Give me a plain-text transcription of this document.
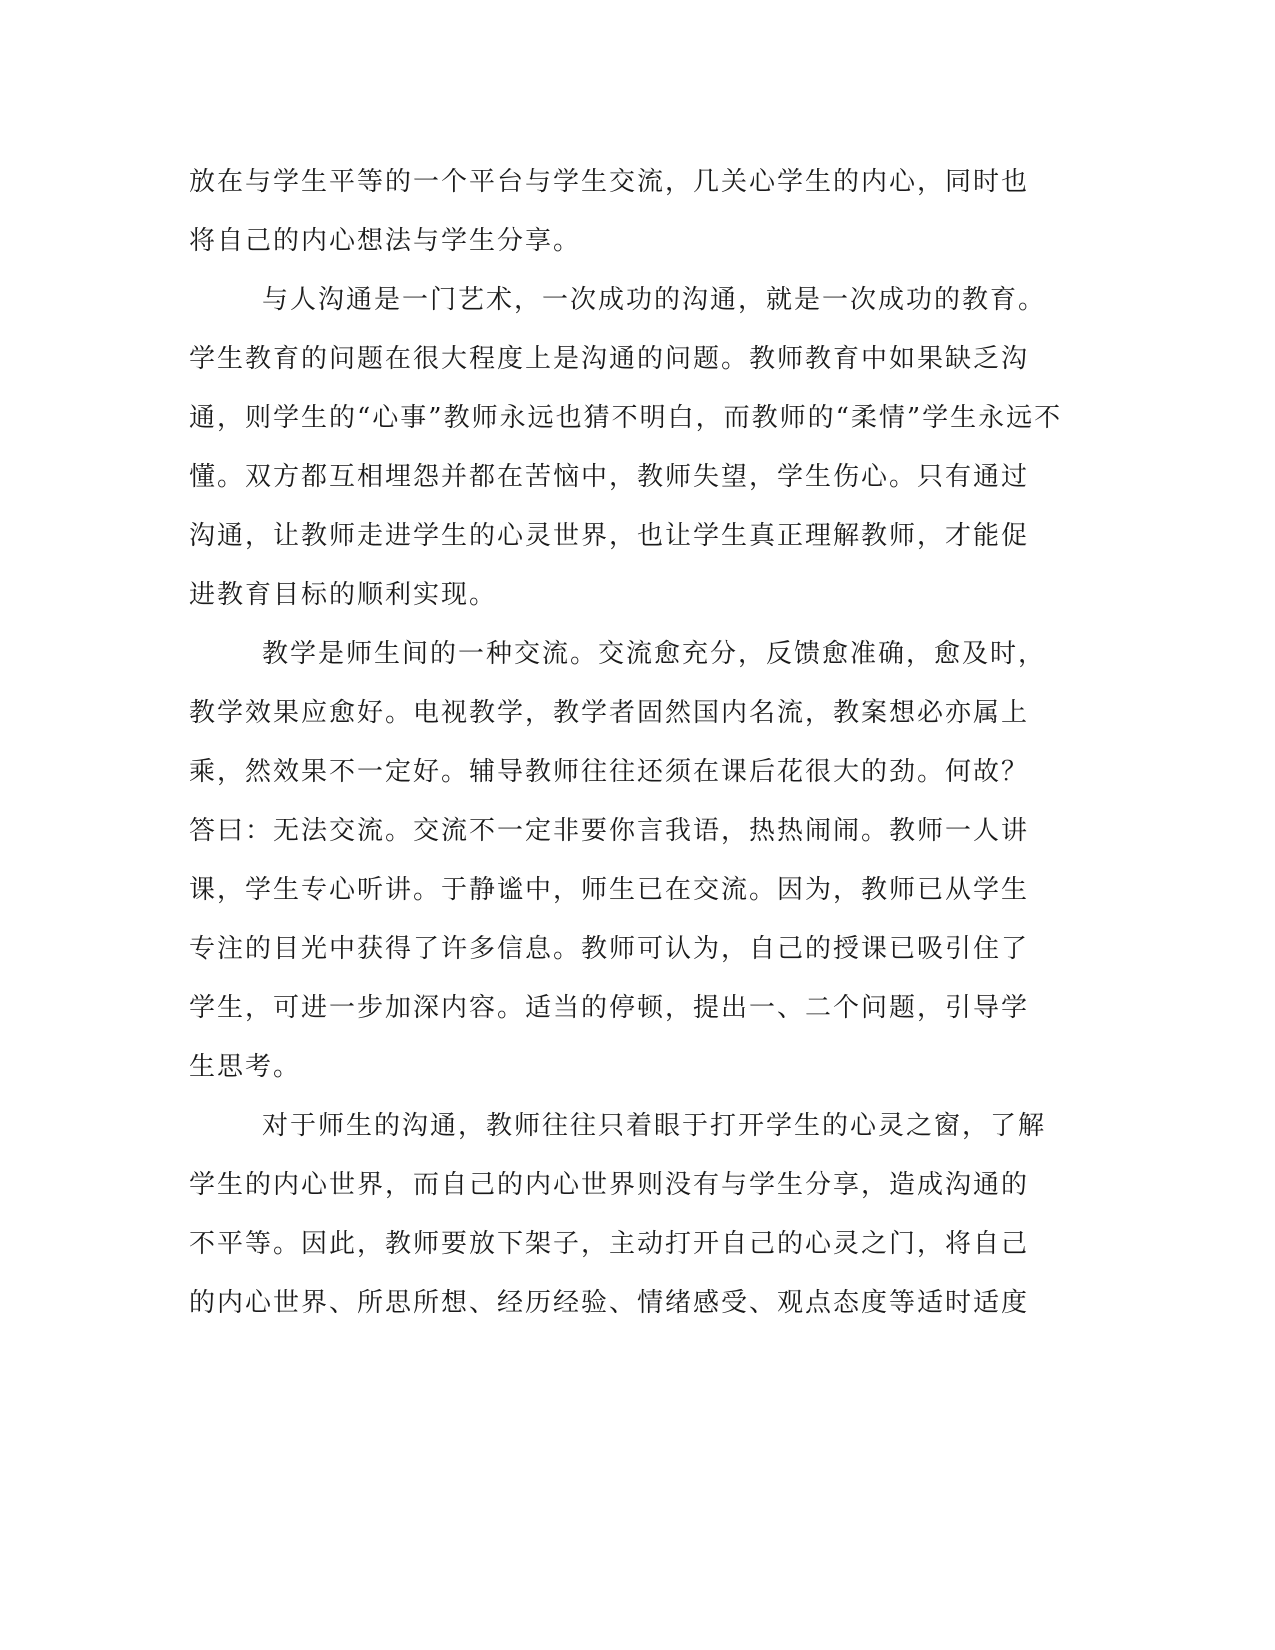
放在与学生平等的一个平台与学生交流，几关心学生的内心，同时也
将自己的内心想法与学生分享。
与人沟通是一门艺术，一次成功的沟通，就是一次成功的教育。
学生教育的问题在很大程度上是沟通的问题。教师教育中如果缺乏沟
通，则学生的“心事”教师永远也猜不明白，而教师的“柔情”学生永远不
懂。双方都互相埋怨并都在苦恼中，教师失望，学生伤心。只有通过
沟通，让教师走进学生的心灵世界，也让学生真正理解教师，才能促
进教育目标的顺利实现。
教学是师生间的一种交流。交流愈充分，反馈愈准确，愈及时，
教学效果应愈好。电视教学，教学者固然国内名流，教案想必亦属上
乘，然效果不一定好。辅导教师往往还须在课后花很大的劲。何故？
答曰：无法交流。交流不一定非要你言我语，热热闹闹。教师一人讲
课，学生专心听讲。于静谧中，师生已在交流。因为，教师已从学生
专注的目光中获得了许多信息。教师可认为，自己的授课已吸引住了
学生，可进一步加深内容。适当的停顿，提出一、二个问题，引导学
生思考。
对于师生的沟通，教师往往只着眼于打开学生的心灵之窗，了解
学生的内心世界，而自己的内心世界则没有与学生分享，造成沟通的
不平等。因此，教师要放下架子，主动打开自己的心灵之门，将自己
的内心世界、所思所想、经历经验、情绪感受、观点态度等适时适度
